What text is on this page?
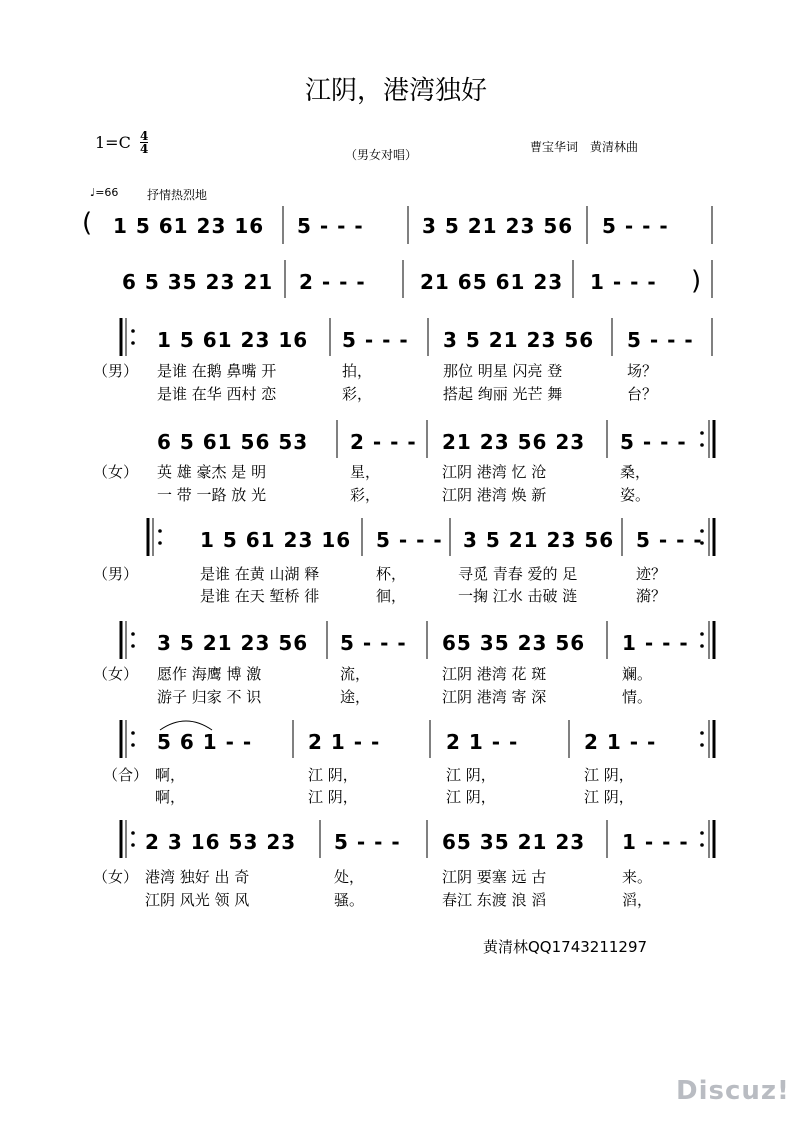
江阴，港湾独好
1=C 4
4	（男女对唱）
曹宝华词　黄清林曲
♩=66 抒情热烈地
( 1 5 61 23 16 5 - - -	3 5 21 23 56 5 - - -
6 5 35 23 21 2 - - -	21 65 61 23 1 - - - )
1 5 61 23 16 5 - - - 3 5 21 23 56 5 - - -
（男） 是谁 在鹅 鼻嘴 开	拍，	那位 明星 闪亮 登	场？
是谁 在华 西村 恋	彩，	搭起 绚丽 光芒 舞	台？
6 5 61 56 53 2 - - - 21 23 56 23 5 - - -
（女） 英 雄 豪杰 是 明	星，	江阴 港湾 忆 沧	桑，
一 带 一路 放 光	彩，	江阴 港湾 焕 新	姿。
1 5 61 23 16 5 - - - 3 5 21 23 56 5 - - -
（男）	是谁 在黄 山湖 释	杯，	寻觅 青春 爱的 足	迹？
是谁 在天 堑桥 徘	徊，	一掬 江水 击破 涟	漪？
3 5 21 23 56 5 - - - 65 35 23 56 1 - - -
（女） 愿作 海鹰 博 激	流，	江阴 港湾 花 斑	斓。
游子 归家 不 识	途，	江阴 港湾 寄 深	情。
5 6 1 - -	2 1 - -	2 1 - -	2 1 - -
（合） 啊，	江 阴，	江 阴，	江 阴，
啊，	江 阴，	江 阴，	江 阴，
2 3 16 53 23 5 - - - 65 35 21 23 1 - - -
（女） 港湾 独好 出 奇	处，	江阴 要塞 远 古	来。
江阴 风光 领 风	骚。	春江 东渡 浪 滔	滔，
黄清林QQ1743211297
Discuz!
